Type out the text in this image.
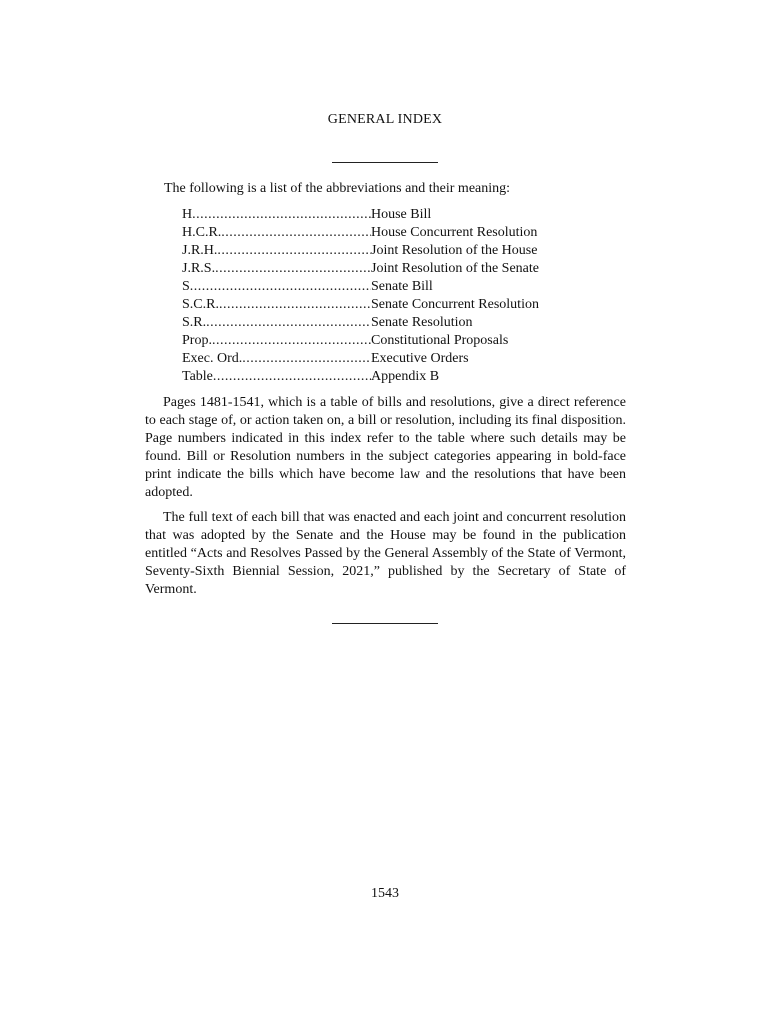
GENERAL INDEX

The following is a list of the abbreviations and their meaning:

H .....	House Bill
H.C.R. .....	House Concurrent Resolution
J.R.H. .....	Joint Resolution of the House
J.R.S. .....	Joint Resolution of the Senate
S .....	Senate Bill
S.C.R. .....	Senate Concurrent Resolution
S.R. .....	Senate Resolution
Prop. .....	Constitutional Proposals
Exec. Ord. .....	Executive Orders
Table .....	Appendix B

Pages 1481-1541, which is a table of bills and resolutions, give a direct reference to each stage of, or action taken on, a bill or resolution, including its final disposition. Page numbers indicated in this index refer to the table where such details may be found. Bill or Resolution numbers in the subject categories appearing in bold-face print indicate the bills which have become law and the resolutions that have been adopted.

The full text of each bill that was enacted and each joint and concurrent resolution that was adopted by the Senate and the House may be found in the publication entitled “Acts and Resolves Passed by the General Assembly of the State of Vermont, Seventy-Sixth Biennial Session, 2021,” published by the Secretary of State of Vermont.

1543
